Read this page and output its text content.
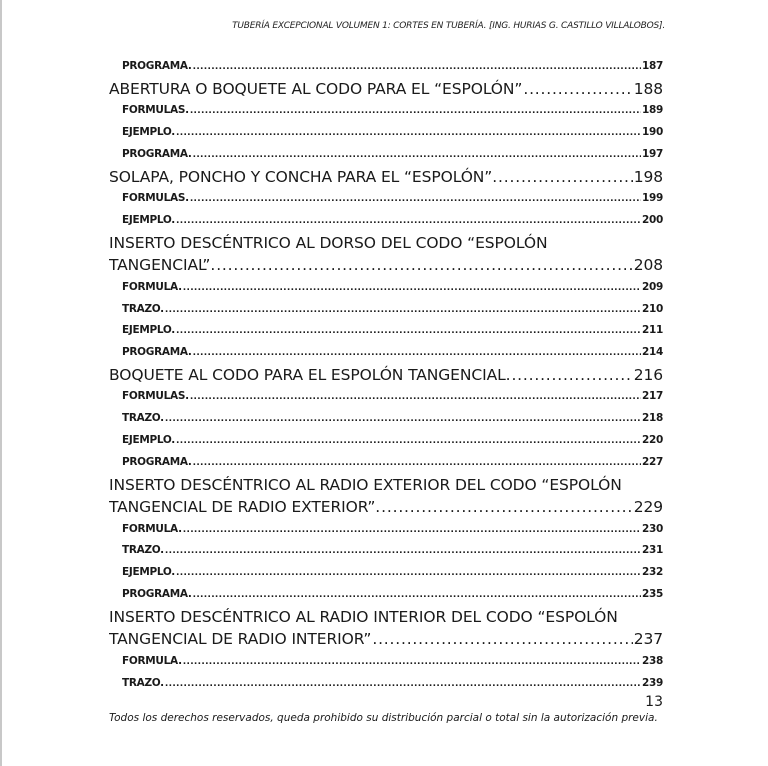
TUBERÍA EXCEPCIONAL VOLUMEN 1: CORTES EN TUBERÍA. [ING. HURIAS G. CASTILLO VILLALOBOS].
PROGRAMA. .....	187
ABERTURA O BOQUETE AL CODO PARA EL “ESPOLÓN” .....	188
FORMULAS. .....	189
EJEMPLO. .....	190
PROGRAMA. .....	197
SOLAPA, PONCHO Y CONCHA PARA EL “ESPOLÓN”. .....	198
FORMULAS. .....	199
EJEMPLO. .....	200
INSERTO DESCÉNTRICO AL DORSO DEL CODO “ESPOLÓN
TANGENCIAL”. .....	208
FORMULA. .....	209
TRAZO. .....	210
EJEMPLO. .....	211
PROGRAMA. .....	214
BOQUETE AL CODO PARA EL ESPOLÓN TANGENCIAL. .....	216
FORMULAS. .....	217
TRAZO. .....	218
EJEMPLO. .....	220
PROGRAMA. .....	227
INSERTO DESCÉNTRICO AL RADIO EXTERIOR DEL CODO “ESPOLÓN
TANGENCIAL DE RADIO EXTERIOR”. .....	229
FORMULA. .....	230
TRAZO. .....	231
EJEMPLO. .....	232
PROGRAMA. .....	235
INSERTO DESCÉNTRICO AL RADIO INTERIOR DEL CODO “ESPOLÓN
TANGENCIAL DE RADIO INTERIOR” .....	237
FORMULA. .....	238
TRAZO. .....	239
13
Todos los derechos reservados, queda prohibido su distribución parcial o total sin la autorización previa.
